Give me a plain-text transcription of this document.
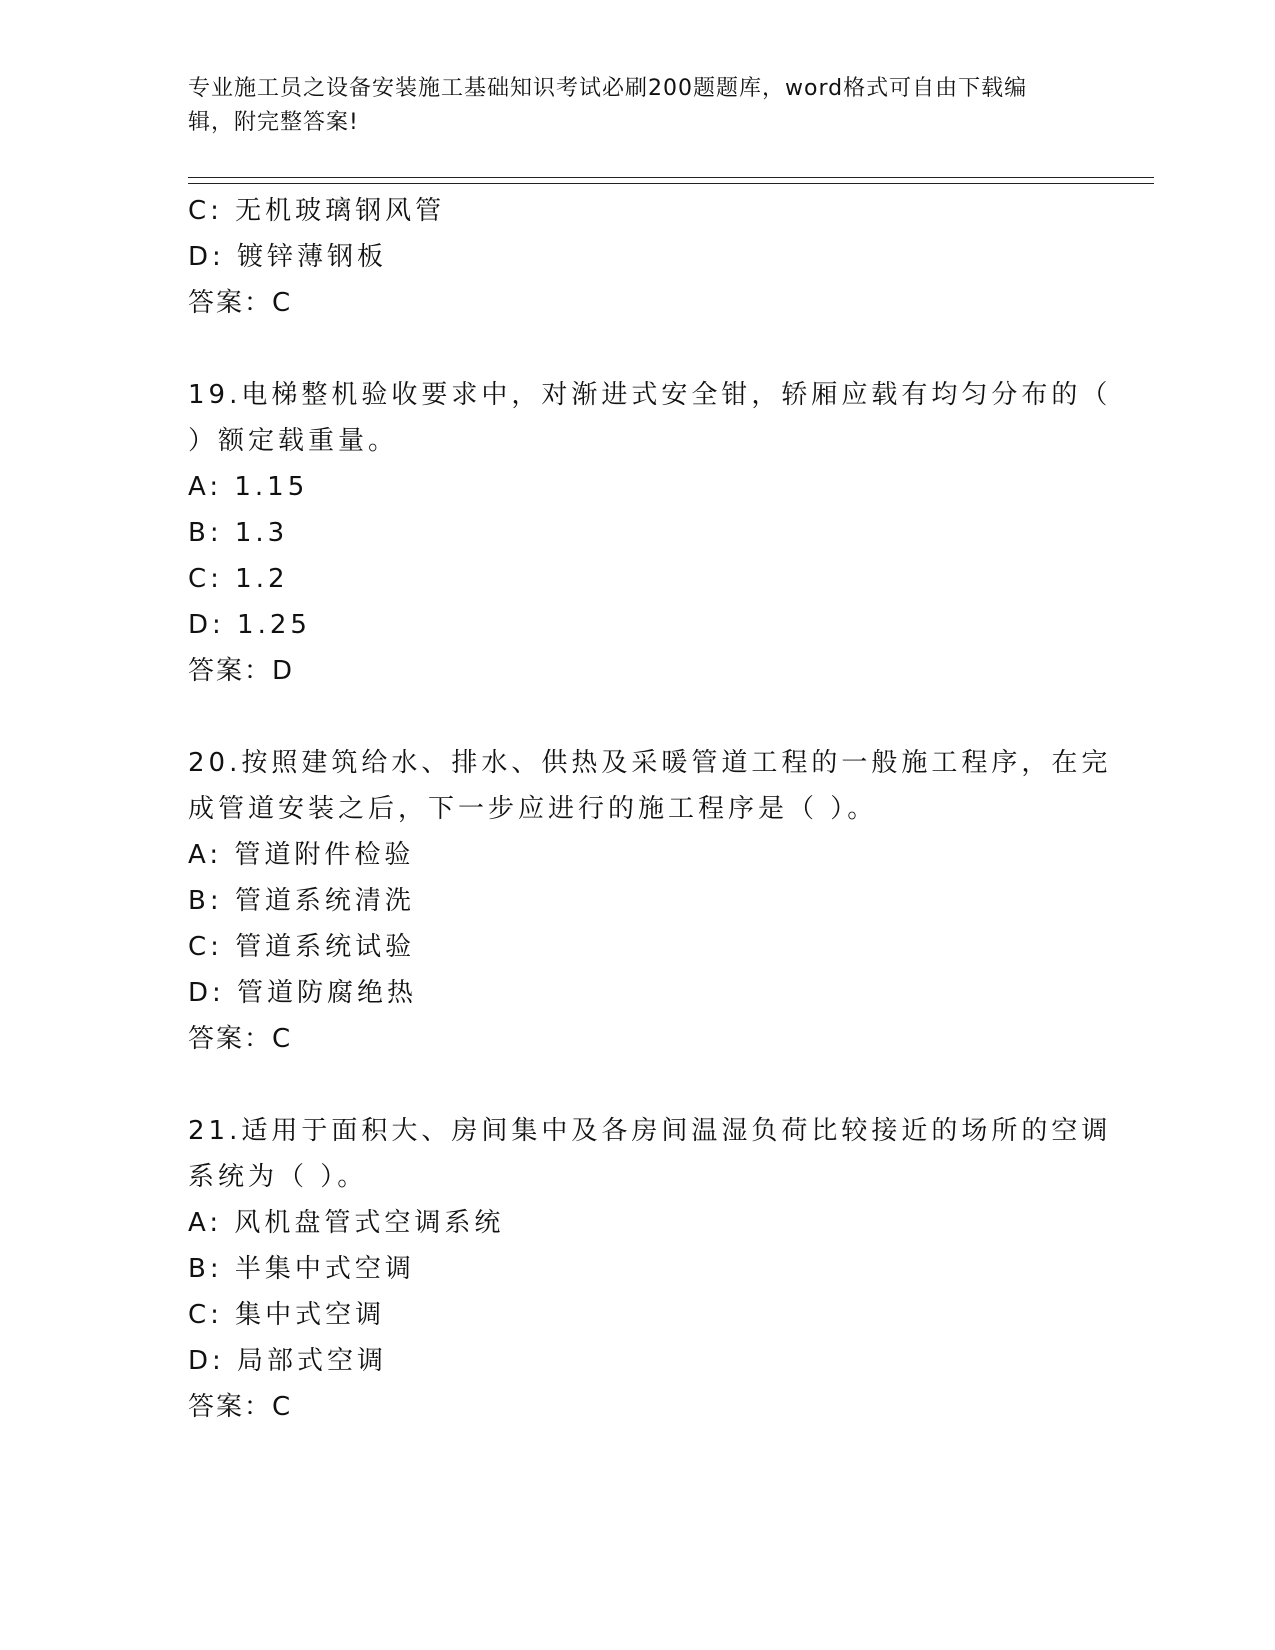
专业施工员之设备安装施工基础知识考试必刷200题题库，word格式可自由下载编辑，附完整答案!
C: 无机玻璃钢风管
D: 镀锌薄钢板
答案：C
19.电梯整机验收要求中，对渐进式安全钳，轿厢应载有均匀分布的（
）额定载重量。
A: 1.15
B: 1.3
C: 1.2
D: 1.25
答案：D
20.按照建筑给水、排水、供热及采暖管道工程的一般施工程序，在完
成管道安装之后，下一步应进行的施工程序是（ ）。
A: 管道附件检验
B: 管道系统清洗
C: 管道系统试验
D: 管道防腐绝热
答案：C
21.适用于面积大、房间集中及各房间温湿负荷比较接近的场所的空调
系统为（ ）。
A: 风机盘管式空调系统
B: 半集中式空调
C: 集中式空调
D: 局部式空调
答案：C
